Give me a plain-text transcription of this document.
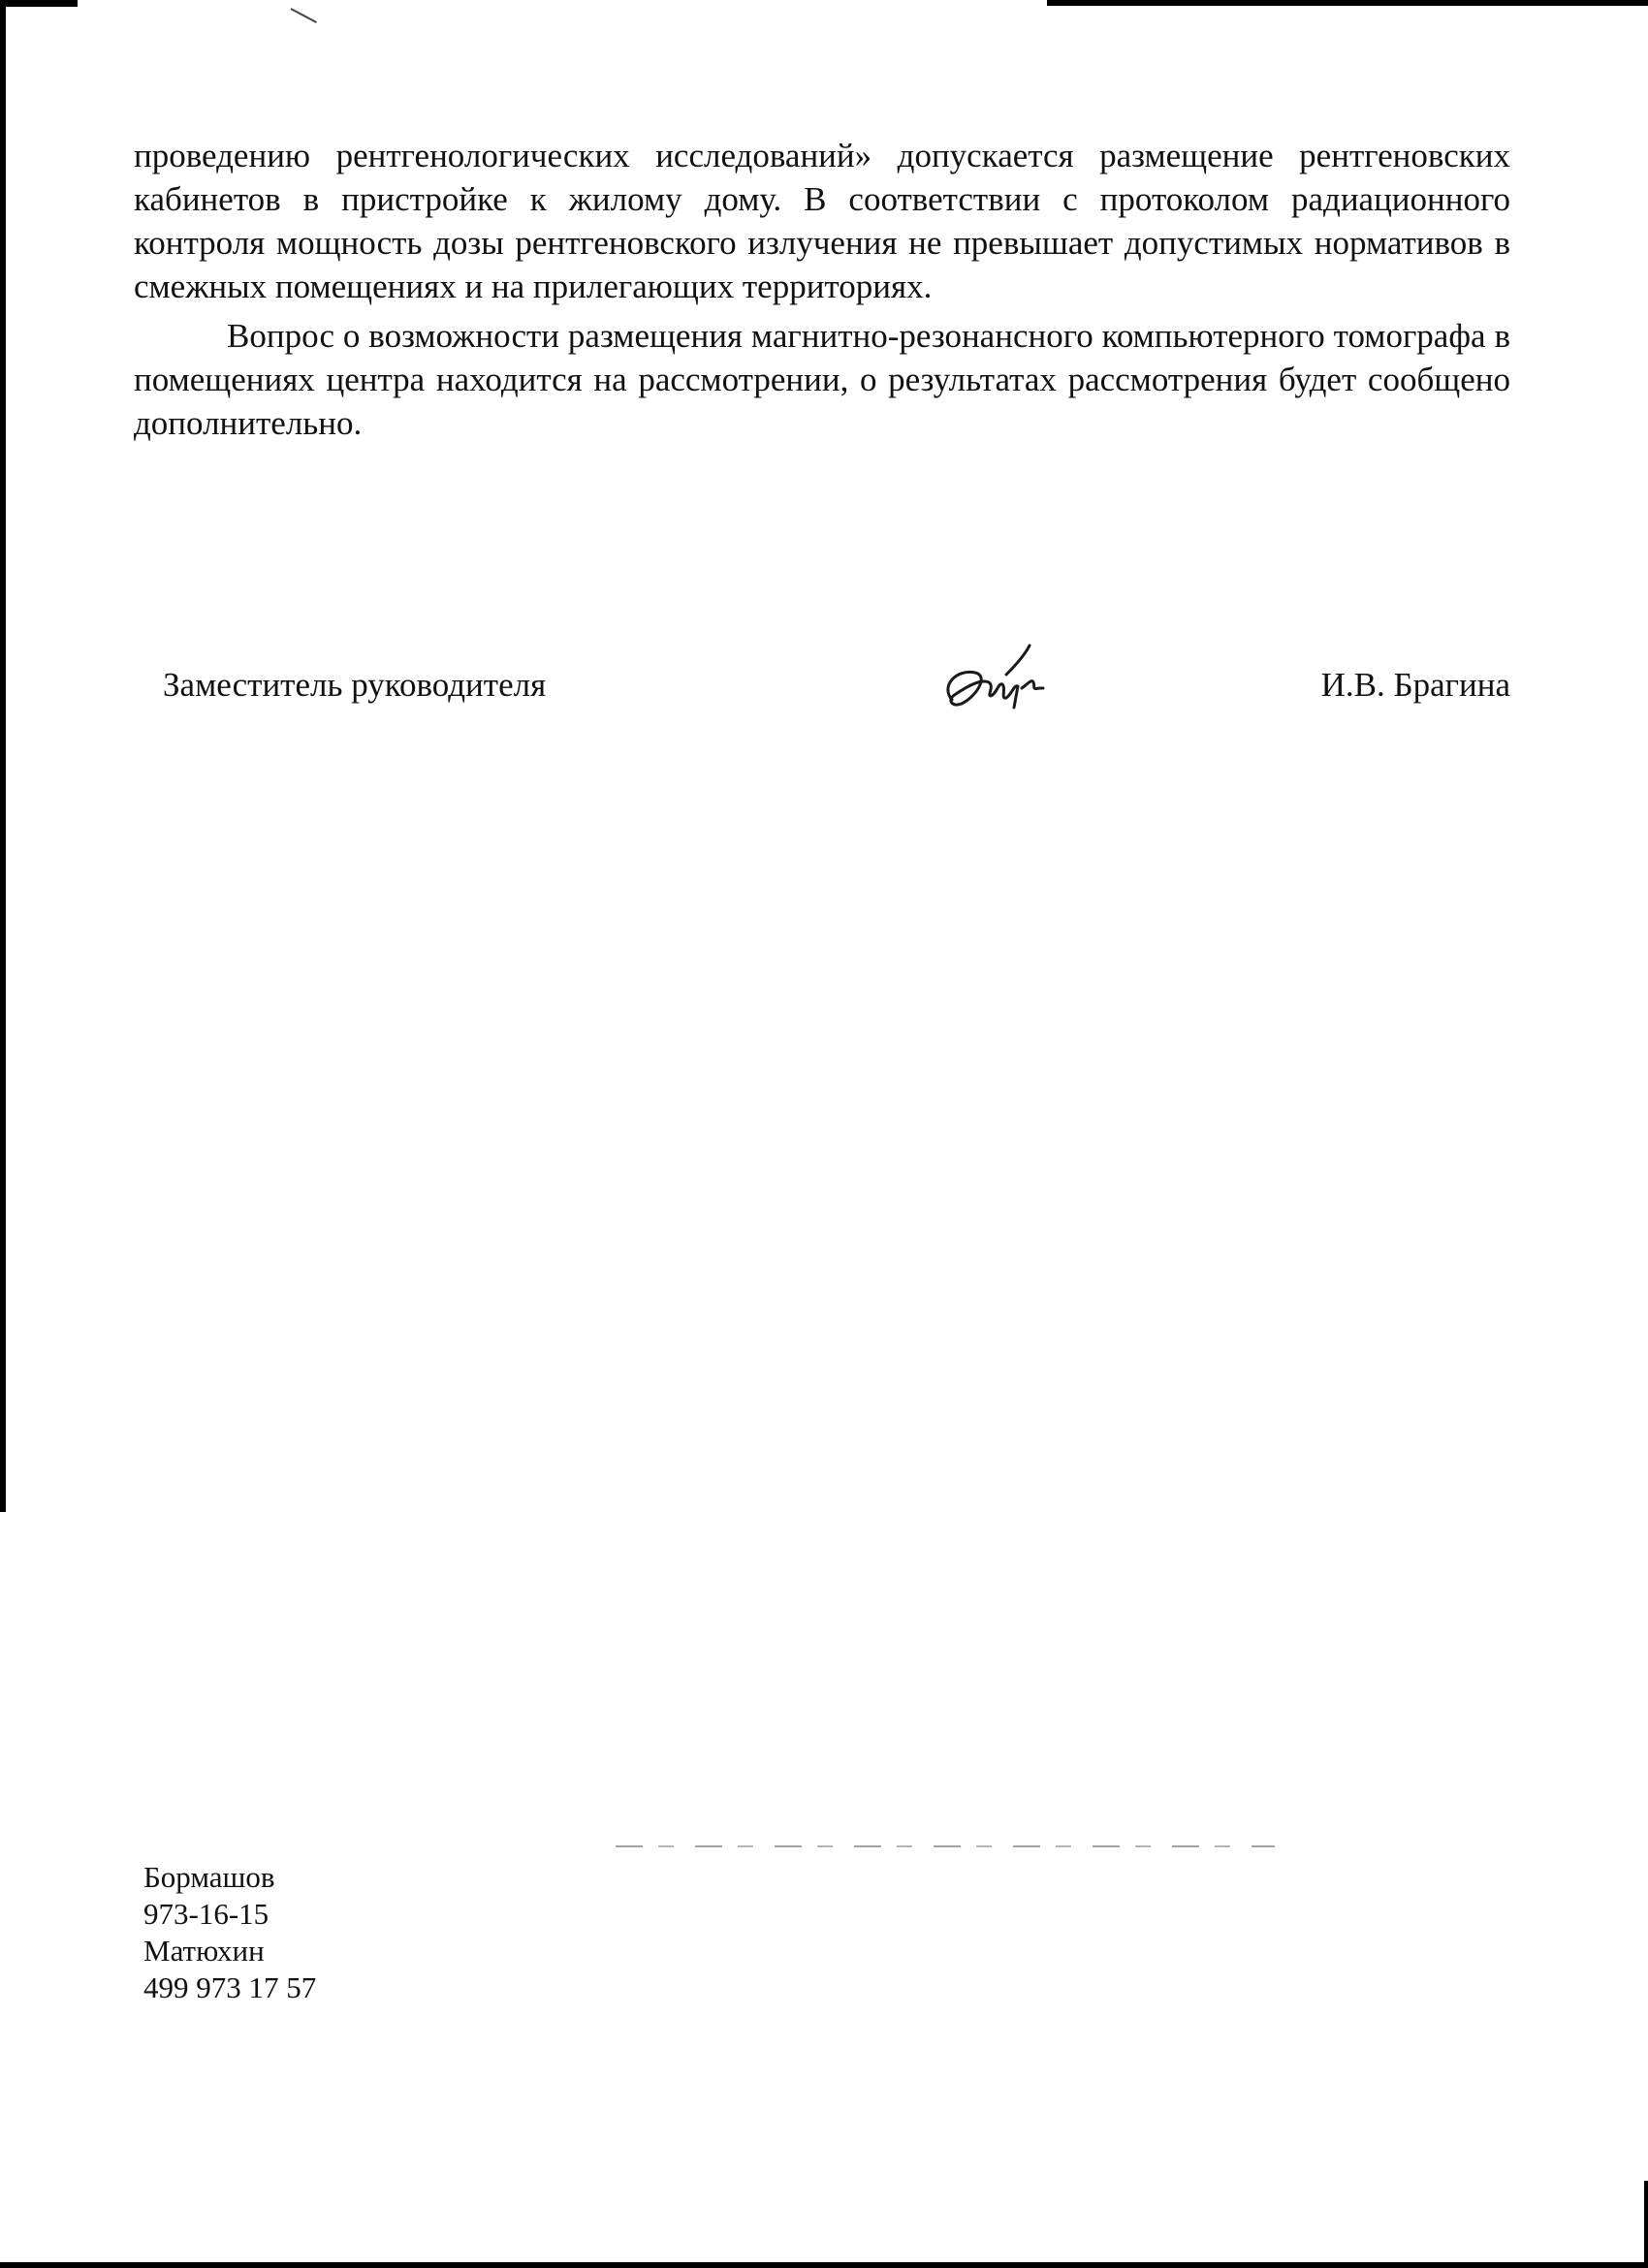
проведению рентгенологических исследований» допускается размещение рентгеновских кабинетов в пристройке к жилому дому. В соответствии с протоколом радиационного контроля мощность дозы рентгеновского излучения не превышает допустимых нормативов в смежных помещениях и на прилегающих территориях.

Вопрос о возможности размещения магнитно-резонансного компьютерного томографа в помещениях центра находится на рассмотрении, о результатах рассмотрения будет сообщено дополнительно.

Заместитель руководителя	И.В. Брагина
Бормашов
973-16-15
Матюхин
499 973 17 57
